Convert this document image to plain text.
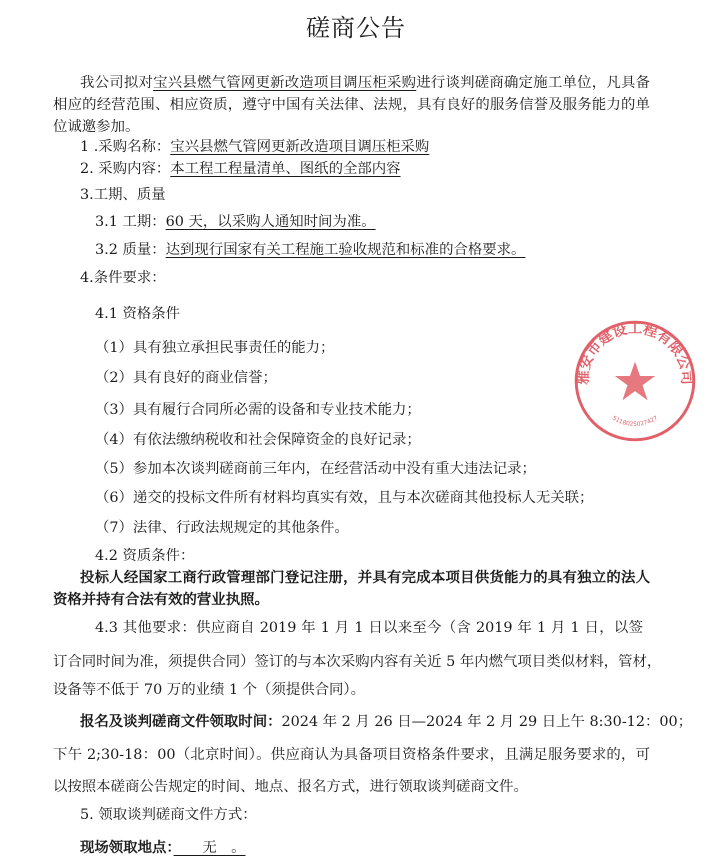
磋商公告
雅安市建设工程有限公司
5118025027427
我公司拟对宝兴县燃气管网更新改造项目调压柜采购进行谈判磋商确定施工单位，凡具备
相应的经营范围、相应资质，遵守中国有关法律、法规，具有良好的服务信誉及服务能力的单
位诚邀参加。
1 .采购名称：宝兴县燃气管网更新改造项目调压柜采购
2. 采购内容：本工程工程量清单、图纸的全部内容
3.工期、质量
3.1 工期：60 天，以采购人通知时间为准。
3.2 质量：达到现行国家有关工程施工验收规范和标准的合格要求。
4.条件要求：
4.1 资格条件
（1）具有独立承担民事责任的能力；
（2）具有良好的商业信誉；
（3）具有履行合同所必需的设备和专业技术能力；
（4）有依法缴纳税收和社会保障资金的良好记录；
（5）参加本次谈判磋商前三年内，在经营活动中没有重大违法记录；
（6）递交的投标文件所有材料均真实有效，且与本次磋商其他投标人无关联；
（7）法律、行政法规规定的其他条件。
4.2 资质条件：
投标人经国家工商行政管理部门登记注册，并具有完成本项目供货能力的具有独立的法人
资格并持有合法有效的营业执照。
4.3 其他要求：供应商自 2019 年 1 月 1 日以来至今（含 2019 年 1 月 1 日，以签
订合同时间为准，须提供合同）签订的与本次采购内容有关近 5 年内燃气项目类似材料，管材，
设备等不低于 70 万的业绩 1 个（须提供合同）。
报名及谈判磋商文件领取时间：2024 年 2 月 26 日—2024 年 2 月 29 日上午 8:30-12：00；
下午 2;30-18：00（北京时间）。供应商认为具备项目资格条件要求，且满足服务要求的，可
以按照本磋商公告规定的时间、地点、报名方式，进行领取谈判磋商文件。
5. 领取谈判磋商文件方式：
现场领取地点：　　无　。
